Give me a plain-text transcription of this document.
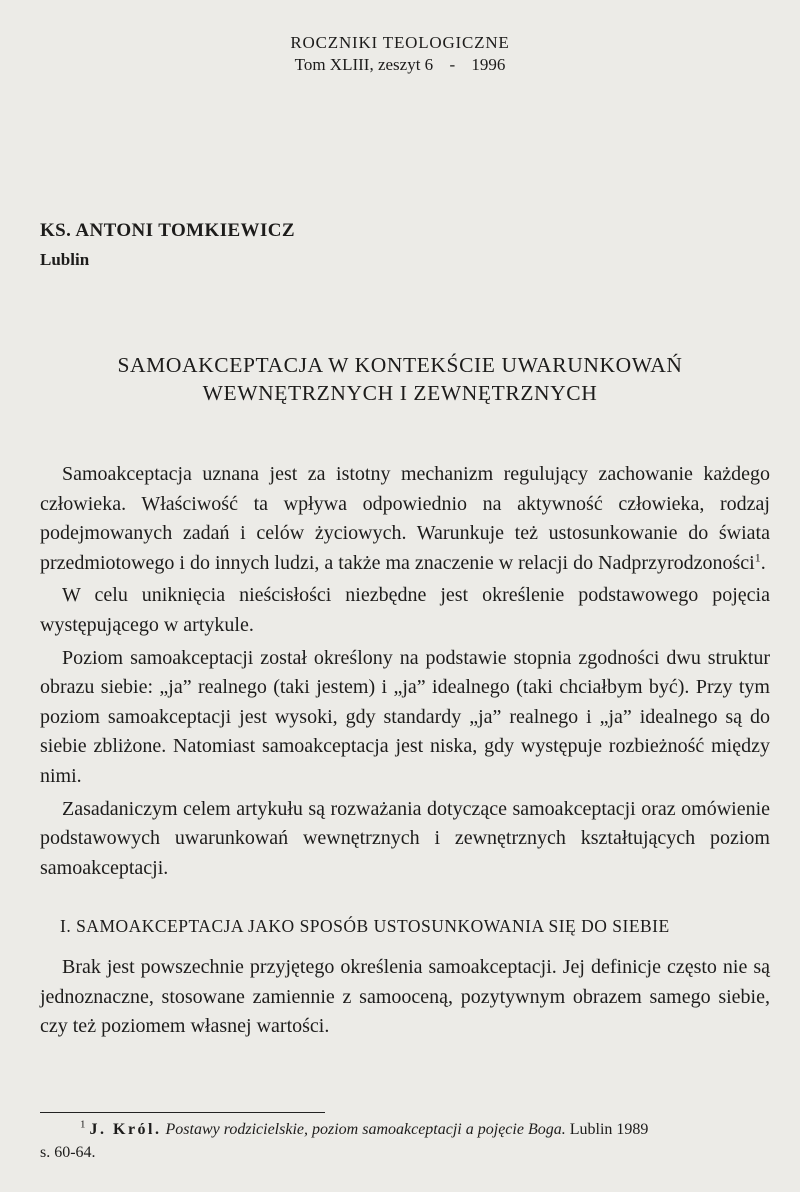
ROCZNIKI TEOLOGICZNE
Tom XLIII, zeszyt 6 - 1996
KS. ANTONI TOMKIEWICZ
Lublin
SAMOAKCEPTACJA W KONTEKŚCIE UWARUNKOWAŃ
WEWNĘTRZNYCH I ZEWNĘTRZNYCH

Samoakceptacja uznana jest za istotny mechanizm regulujący zachowanie każdego człowieka. Właściwość ta wpływa odpowiednio na aktywność człowieka, rodzaj podejmowanych zadań i celów życiowych. Warunkuje też ustosunkowanie do świata przedmiotowego i do innych ludzi, a także ma znaczenie w relacji do Nadprzyrodzoności$^1$.

W celu uniknięcia nieścisłości niezbędne jest określenie podstawowego pojęcia występującego w artykule.

Poziom samoakceptacji został określony na podstawie stopnia zgodności dwu struktur obrazu siebie: „ja” realnego (taki jestem) i „ja” idealnego (taki chciałbym być). Przy tym poziom samoakceptacji jest wysoki, gdy standardy „ja” realnego i „ja” idealnego są do siebie zbliżone. Natomiast samoakceptacja jest niska, gdy występuje rozbieżność między nimi.

Zasadaniczym celem artykułu są rozważania dotyczące samoakceptacji oraz omówienie podstawowych uwarunkowań wewnętrznych i zewnętrznych kształtujących poziom samoakceptacji.

I. SAMOAKCEPTACJA JAKO SPOSÓB USTOSUNKOWANIA SIĘ DO SIEBIE

Brak jest powszechnie przyjętego określenia samoakceptacji. Jej definicje często nie są jednoznaczne, stosowane zamiennie z samooceną, pozytywnym obrazem samego siebie, czy też poziomem własnej wartości.

$^1$ J. Król. Postawy rodzicielskie, poziom samoakceptacji a pojęcie Boga. Lublin 1989
s. 60-64.
